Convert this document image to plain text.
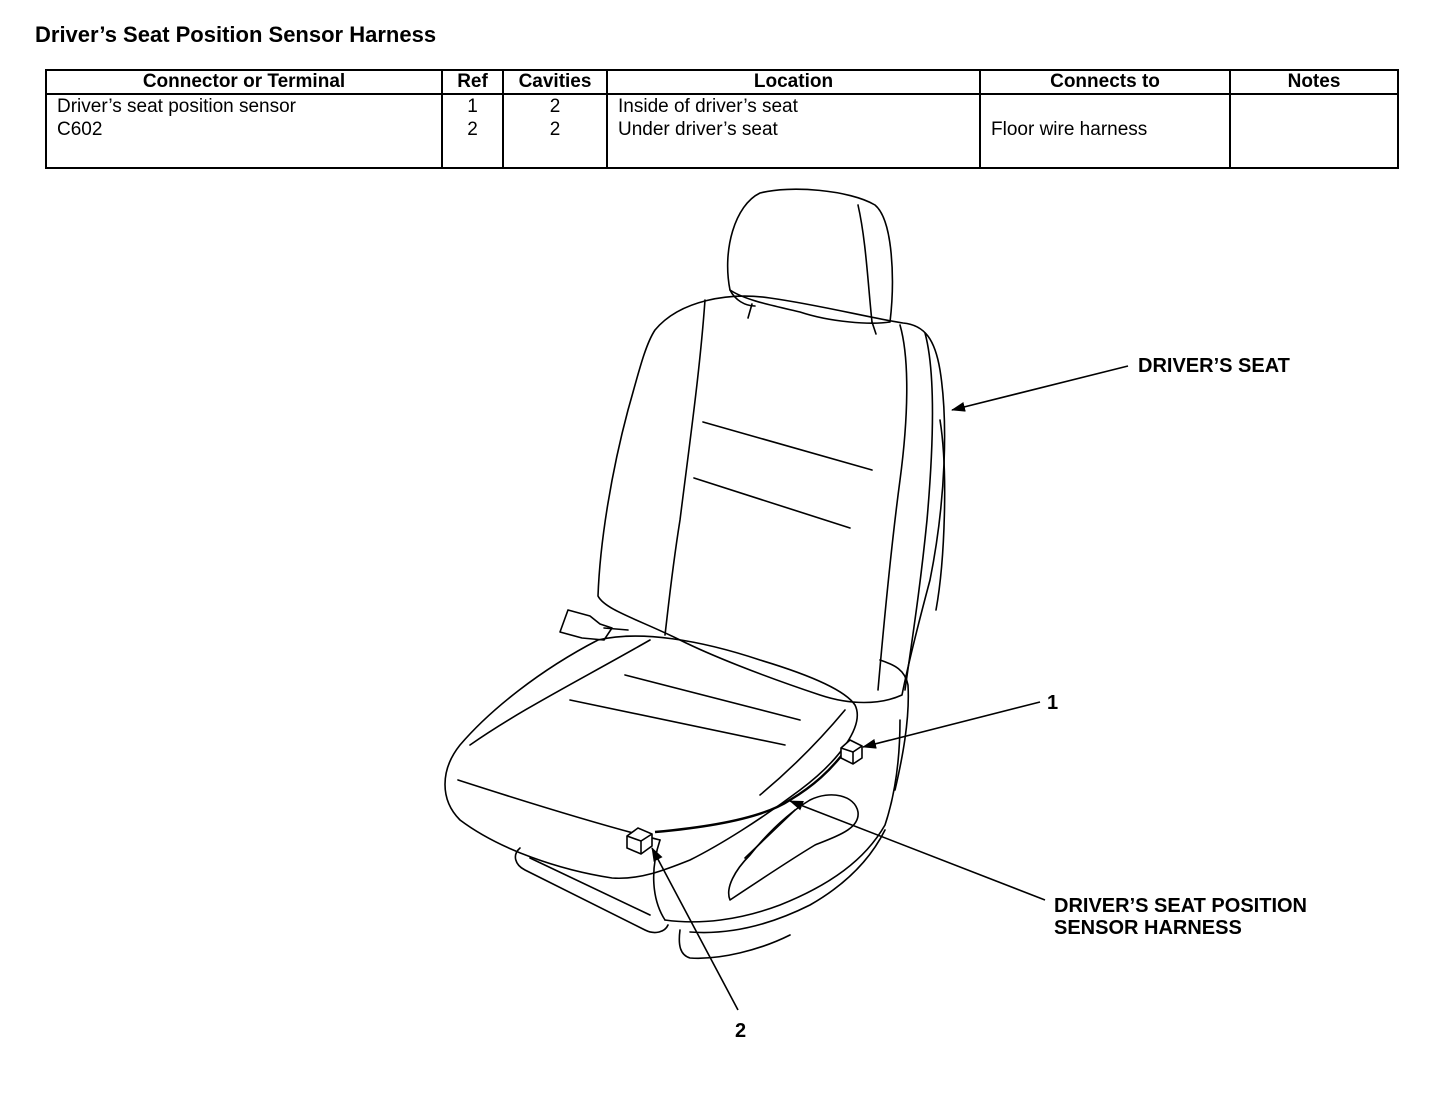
Driver’s Seat Position Sensor Harness
Connector or Terminal	Ref	Cavities	Location	Connects to	Notes
Driver’s seat position sensor	1	2	Inside of driver’s seat		
C602	2	2	Under driver’s seat	Floor wire harness	

DRIVER’S SEAT
1
DRIVER’S SEAT POSITION
SENSOR HARNESS
2
